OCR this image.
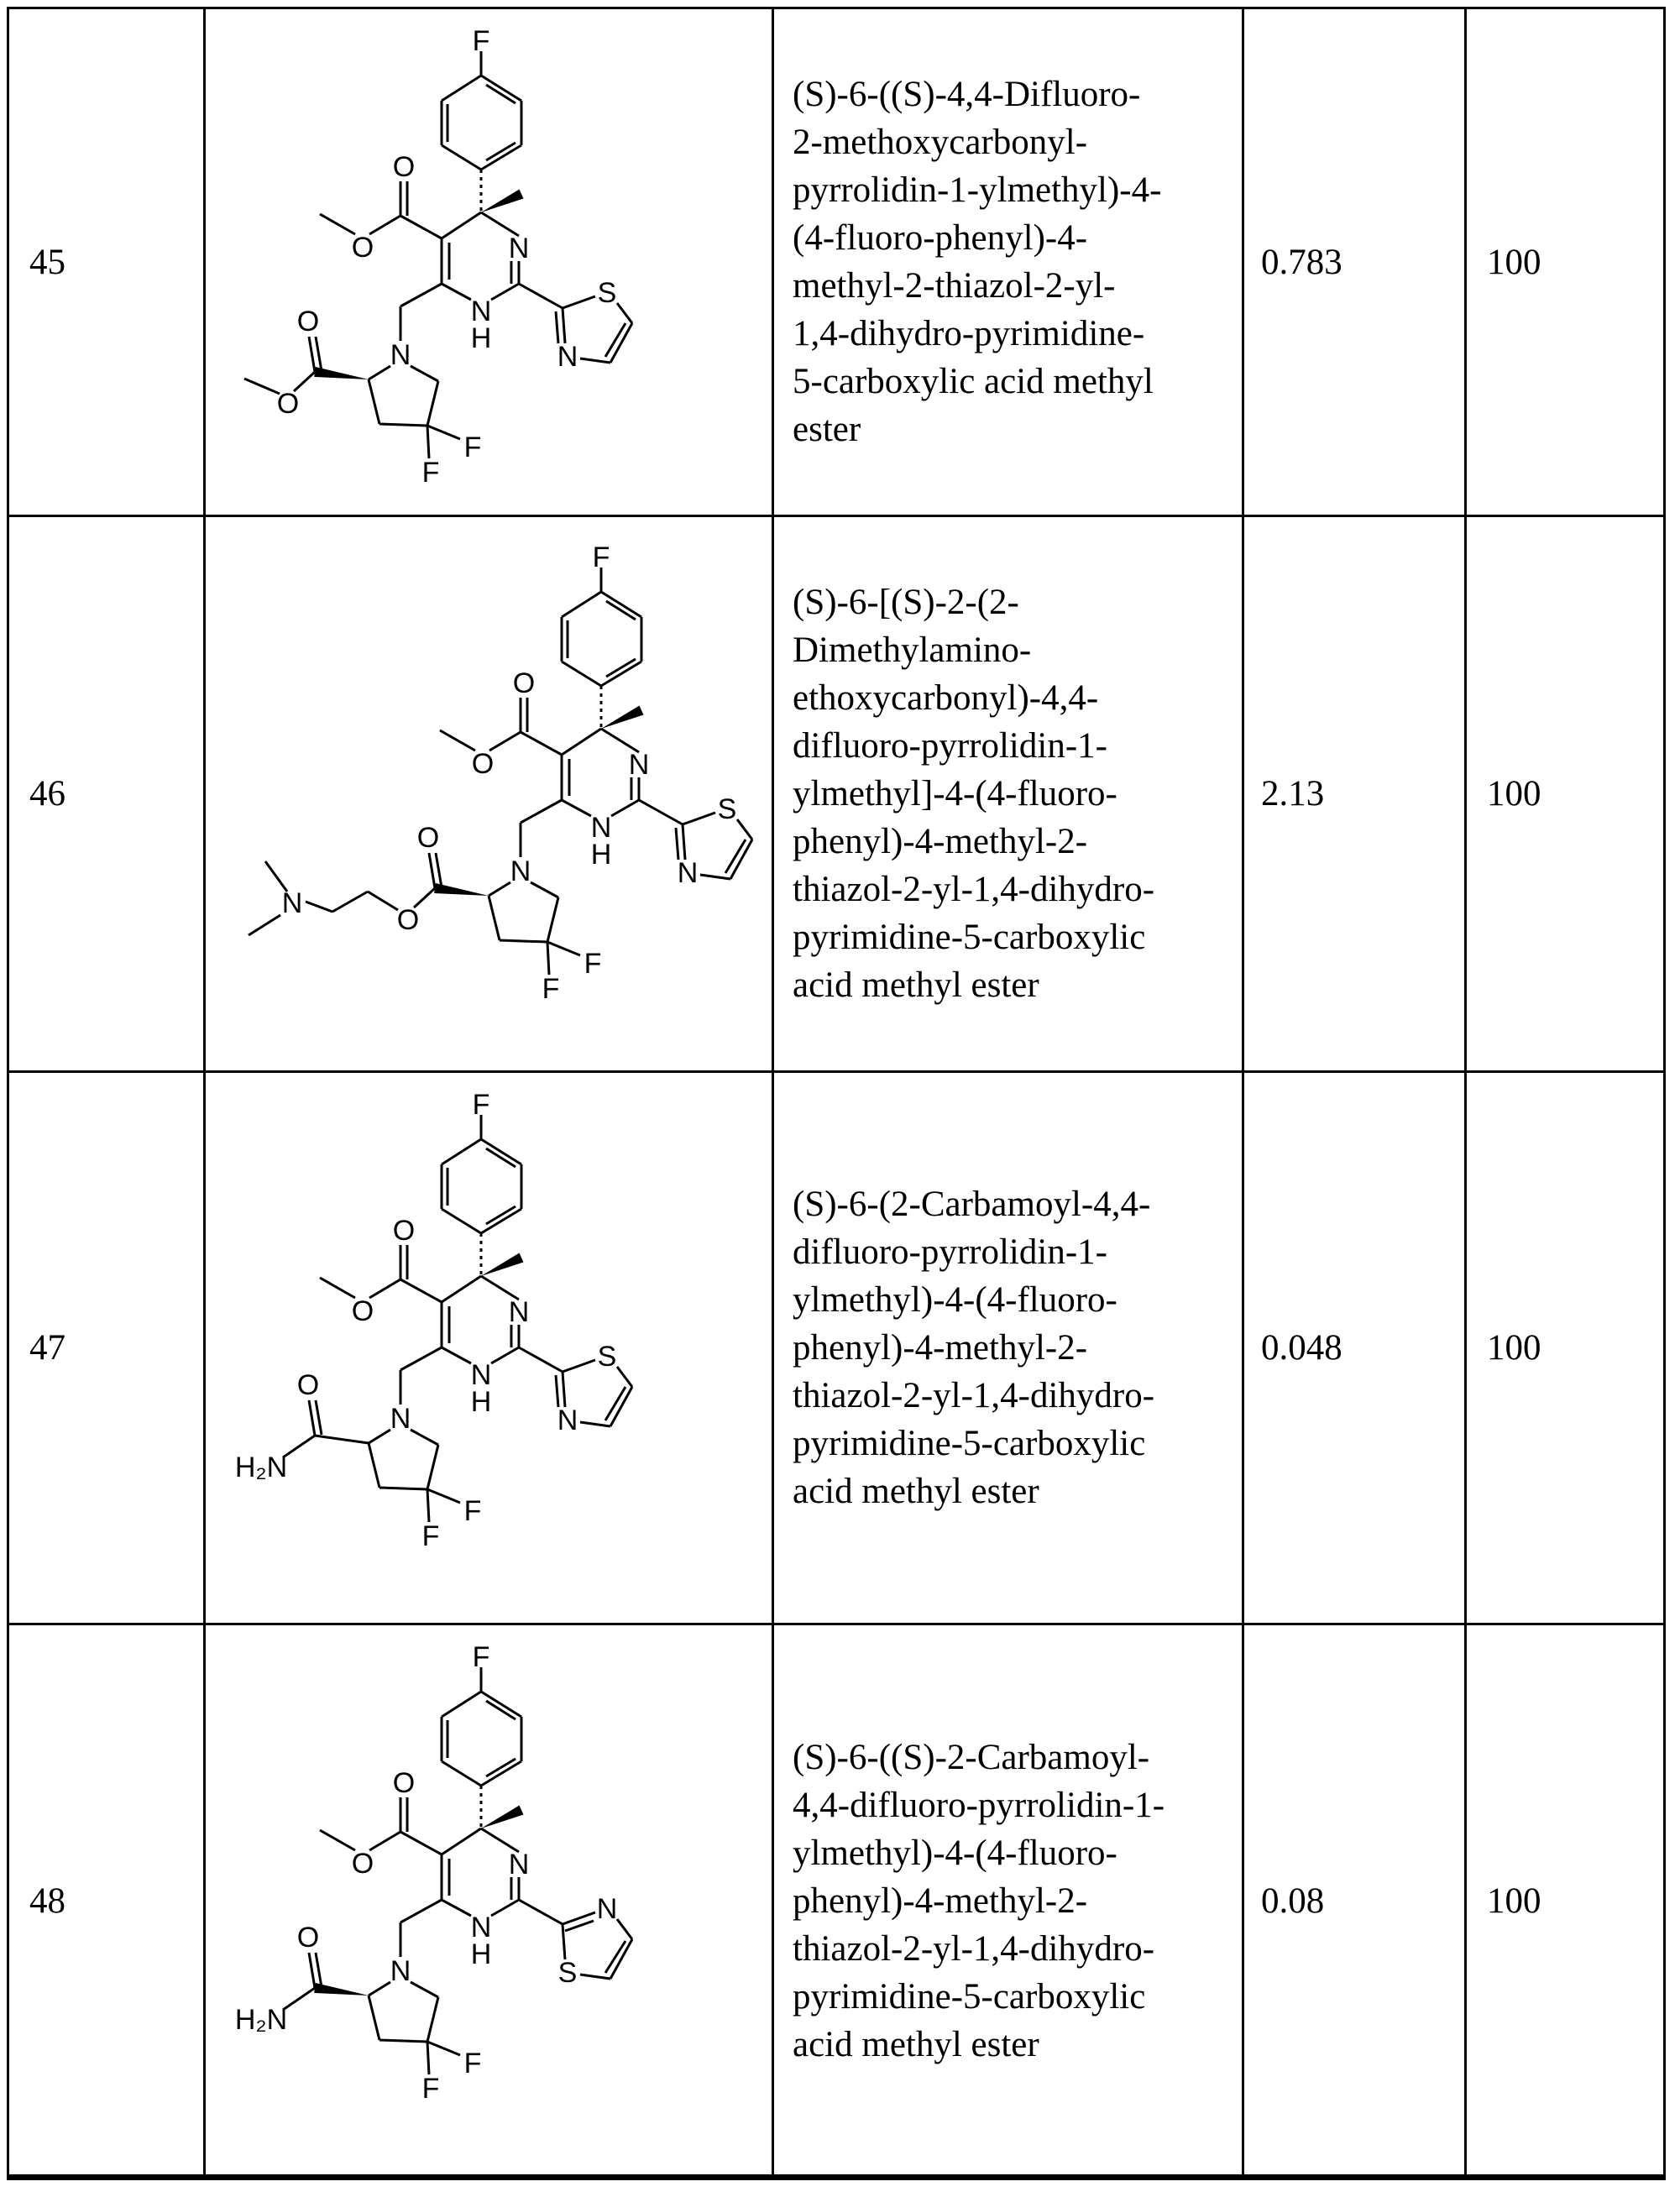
45
F
N
N
H
O
O
N
F
F
S
N
O
O
(S)-6-((S)-4,4-Difluoro-
2-methoxycarbonyl-
pyrrolidin-1-ylmethyl)-4-
(4-fluoro-phenyl)-4-
methyl-2-thiazol-2-yl-
1,4-dihydro-pyrimidine-
5-carboxylic acid methyl
ester
0.783	100
46
F
N
N
H
O
O
N
F
F
S
N
O
O
N
(S)-6-[(S)-2-(2-
Dimethylamino-
ethoxycarbonyl)-4,4-
difluoro-pyrrolidin-1-
ylmethyl]-4-(4-fluoro-
phenyl)-4-methyl-2-
thiazol-2-yl-1,4-dihydro-
pyrimidine-5-carboxylic
acid methyl ester
2.13	100
47
F
N
N
H
O
O
N
F
F
S
N
O
H₂N
(S)-6-(2-Carbamoyl-4,4-
difluoro-pyrrolidin-1-
ylmethyl)-4-(4-fluoro-
phenyl)-4-methyl-2-
thiazol-2-yl-1,4-dihydro-
pyrimidine-5-carboxylic
acid methyl ester
0.048	100
48
F
N
N
H
O
O
N
F
F
N
S
O
H₂N
(S)-6-((S)-2-Carbamoyl-
4,4-difluoro-pyrrolidin-1-
ylmethyl)-4-(4-fluoro-
phenyl)-4-methyl-2-
thiazol-2-yl-1,4-dihydro-
pyrimidine-5-carboxylic
acid methyl ester
0.08	100
